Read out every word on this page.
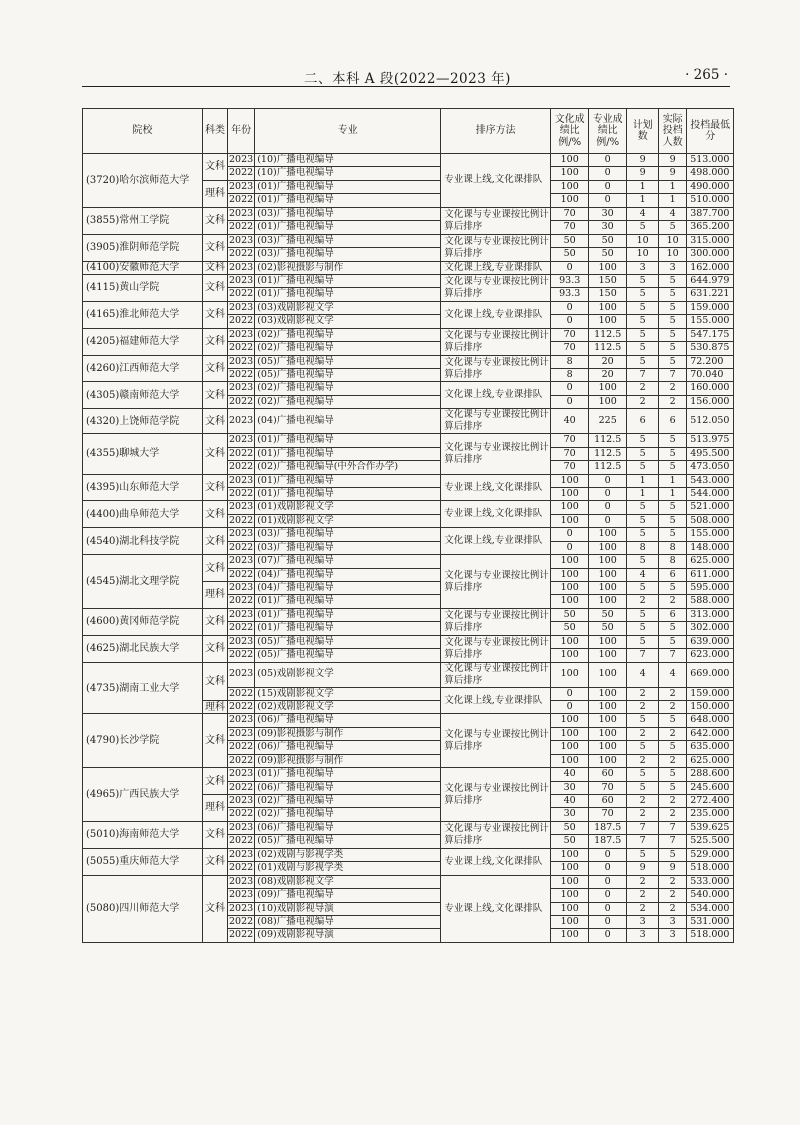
二、本科 A 段(2022—2023 年)	· 265 ·
院校	科类	年份	专业	排序方法	文化成绩比例/%	专业成绩比例/%	计划数	实际投档人数	投档最低分
(3720)哈尔滨师范大学	文科	2023	(10)广播电视编导	专业课上线,文化课排队	100	0	9	9	513.000
		2022	(10)广播电视编导		100	0	9	9	498.000
	理科	2023	(01)广播电视编导		100	0	1	1	490.000
		2022	(01)广播电视编导		100	0	1	1	510.000
(3855)常州工学院	文科	2023	(03)广播电视编导	文化课与专业课按比例计算后排序	70	30	4	4	387.700
		2022	(01)广播电视编导		70	30	5	5	365.200
(3905)淮阴师范学院	文科	2023	(03)广播电视编导	文化课与专业课按比例计算后排序	50	50	10	10	315.000
		2022	(03)广播电视编导		50	50	10	10	300.000
(4100)安徽师范大学	文科	2023	(02)影视摄影与制作	文化课上线,专业课排队	0	100	3	3	162.000
(4115)黄山学院	文科	2023	(01)广播电视编导	文化课与专业课按比例计算后排序	93.3	150	5	5	644.979
		2022	(01)广播电视编导		93.3	150	5	5	631.221
(4165)淮北师范大学	文科	2023	(03)戏剧影视文学	文化课上线,专业课排队	0	100	5	5	159.000
		2022	(03)戏剧影视文学		0	100	5	5	155.000
(4205)福建师范大学	文科	2023	(02)广播电视编导	文化课与专业课按比例计算后排序	70	112.5	5	5	547.175
		2022	(02)广播电视编导		70	112.5	5	5	530.875
(4260)江西师范大学	文科	2023	(05)广播电视编导	文化课与专业课按比例计算后排序	8	20	5	5	72.200
		2022	(05)广播电视编导		8	20	7	7	70.040
(4305)赣南师范大学	文科	2023	(02)广播电视编导	文化课上线,专业课排队	0	100	2	2	160.000
		2022	(02)广播电视编导		0	100	2	2	156.000
(4320)上饶师范学院	文科	2023	(04)广播电视编导	文化课与专业课按比例计算后排序	40	225	6	6	512.050
(4355)聊城大学	文科	2023	(01)广播电视编导	文化课与专业课按比例计算后排序	70	112.5	5	5	513.975
		2022	(01)广播电视编导		70	112.5	5	5	495.500
		2022	(02)广播电视编导(中外合作办学)		70	112.5	5	5	473.050
(4395)山东师范大学	文科	2023	(01)广播电视编导	专业课上线,文化课排队	100	0	1	1	543.000
		2022	(01)广播电视编导		100	0	1	1	544.000
(4400)曲阜师范大学	文科	2023	(01)戏剧影视文学	专业课上线,文化课排队	100	0	5	5	521.000
		2022	(01)戏剧影视文学		100	0	5	5	508.000
(4540)湖北科技学院	文科	2023	(03)广播电视编导	文化课上线,专业课排队	0	100	5	5	155.000
		2022	(03)广播电视编导		0	100	8	8	148.000
(4545)湖北文理学院	文科	2023	(07)广播电视编导	文化课与专业课按比例计算后排序	100	100	5	8	625.000
		2022	(04)广播电视编导		100	100	4	6	611.000
	理科	2023	(04)广播电视编导		100	100	5	5	595.000
		2022	(01)广播电视编导		100	100	2	2	588.000
(4600)黄冈师范学院	文科	2023	(01)广播电视编导	文化课与专业课按比例计算后排序	50	50	5	6	313.000
		2022	(01)广播电视编导		50	50	5	5	302.000
(4625)湖北民族大学	文科	2023	(05)广播电视编导	文化课与专业课按比例计算后排序	100	100	5	5	639.000
		2022	(05)广播电视编导		100	100	7	7	623.000
(4735)湖南工业大学	文科	2023	(05)戏剧影视文学	文化课与专业课按比例计算后排序	100	100	4	4	669.000
		2022	(15)戏剧影视文学	文化课上线,专业课排队	0	100	2	2	159.000
	理科	2022	(02)戏剧影视文学		0	100	2	2	150.000
(4790)长沙学院	文科	2023	(06)广播电视编导	文化课与专业课按比例计算后排序	100	100	5	5	648.000
		2023	(09)影视摄影与制作		100	100	2	2	642.000
		2022	(06)广播电视编导		100	100	5	5	635.000
		2022	(09)影视摄影与制作		100	100	2	2	625.000
(4965)广西民族大学	文科	2023	(01)广播电视编导	文化课与专业课按比例计算后排序	40	60	5	5	288.600
		2022	(06)广播电视编导		30	70	5	5	245.600
	理科	2023	(02)广播电视编导		40	60	2	2	272.400
		2022	(02)广播电视编导		30	70	2	2	235.000
(5010)海南师范大学	文科	2023	(06)广播电视编导	文化课与专业课按比例计算后排序	50	187.5	7	7	539.625
		2022	(05)广播电视编导		50	187.5	7	7	525.500
(5055)重庆师范大学	文科	2023	(02)戏剧与影视学类	专业课上线,文化课排队	100	0	5	5	529.000
		2022	(01)戏剧与影视学类		100	0	9	9	518.000
(5080)四川师范大学	文科	2023	(08)戏剧影视文学	专业课上线,文化课排队	100	0	2	2	533.000
		2023	(09)广播电视编导		100	0	2	2	540.000
		2023	(10)戏剧影视导演		100	0	2	2	534.000
		2022	(08)广播电视编导		100	0	3	3	531.000
		2022	(09)戏剧影视导演		100	0	3	3	518.000
